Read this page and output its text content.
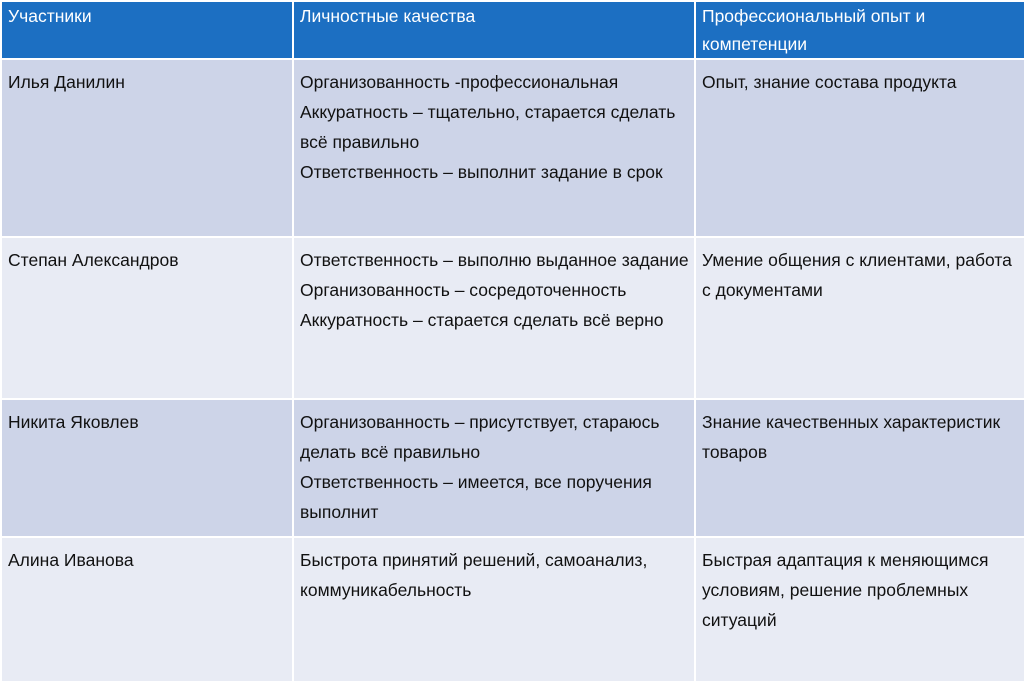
Участники	Личностные качества	Профессиональный опыт и компетенции
Илья Данилин	Организованность -профессиональная
Аккуратность – тщательно, старается сделать всё правильно
Ответственность – выполнит задание в срок	Опыт, знание состава продукта
Степан Александров	Ответственность – выполню выданное задание
Организованность – сосредоточенность
Аккуратность – старается сделать всё верно	Умение общения с клиентами, работа с документами
Никита Яковлев	Организованность – присутствует, стараюсь делать всё правильно
Ответственность – имеется, все поручения выполнит	Знание качественных характеристик товаров
Алина Иванова	Быстрота принятий решений, самоанализ, коммуникабельность	Быстрая адаптация к меняющимся условиям, решение проблемных ситуаций
